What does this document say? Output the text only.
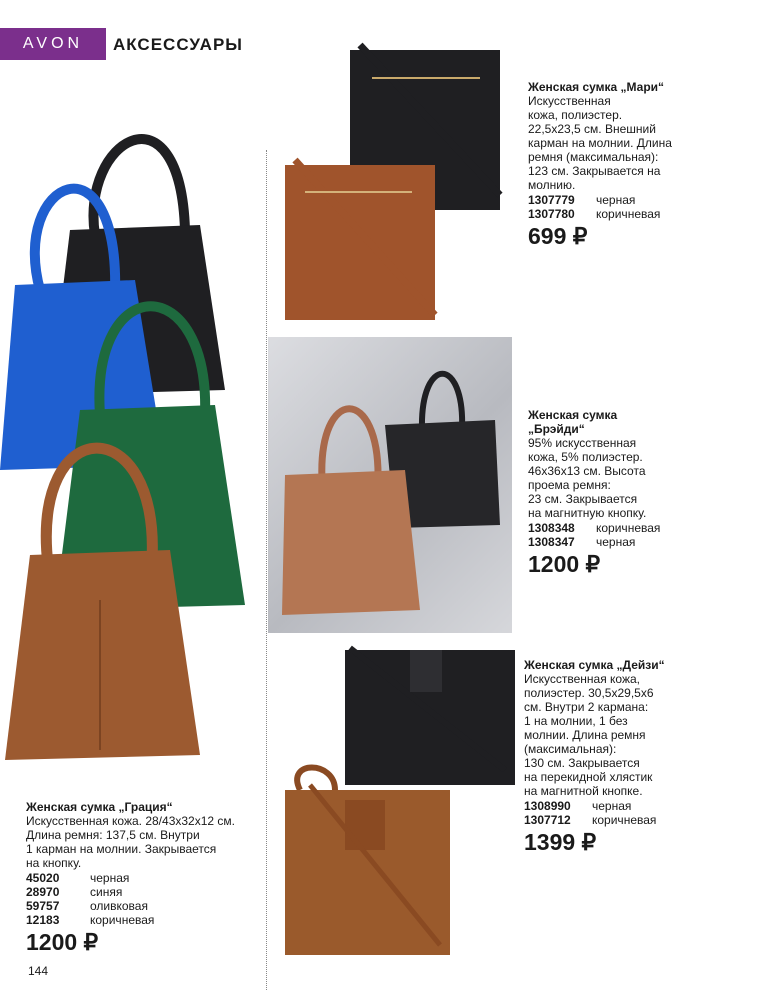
AVON	АКСЕССУАРЫ
Женская сумка „Мари“
Искусственная
кожа, полиэстер.
22,5х23,5 см. Внешний
карман на молнии. Длина
ремня (максимальная):
123 см. Закрывается на
молнию.
1307779	черная
1307780	коричневая
699 ₽
Женская сумка
„Брэйди“
95% искусственная
кожа, 5% полиэстер.
46х36х13 см. Высота
проема ремня:
23 см. Закрывается
на магнитную кнопку.
1308348	коричневая
1308347	черная
1200 ₽
Женская сумка „Дейзи“
Искусственная кожа,
полиэстер. 30,5х29,5х6
см. Внутри 2 кармана:
1 на молнии, 1 без
молнии. Длина ремня
(максимальная):
130 см. Закрывается
на перекидной хлястик
на магнитной кнопке.
1308990	черная
1307712	коричневая
1399 ₽
Женская сумка „Грация“
Искусственная кожа. 28/43х32х12 см.
Длина ремня: 137,5 см. Внутри
1 карман на молнии. Закрывается
на кнопку.
45020	черная
28970	синяя
59757	оливковая
12183	коричневая
1200 ₽
144
